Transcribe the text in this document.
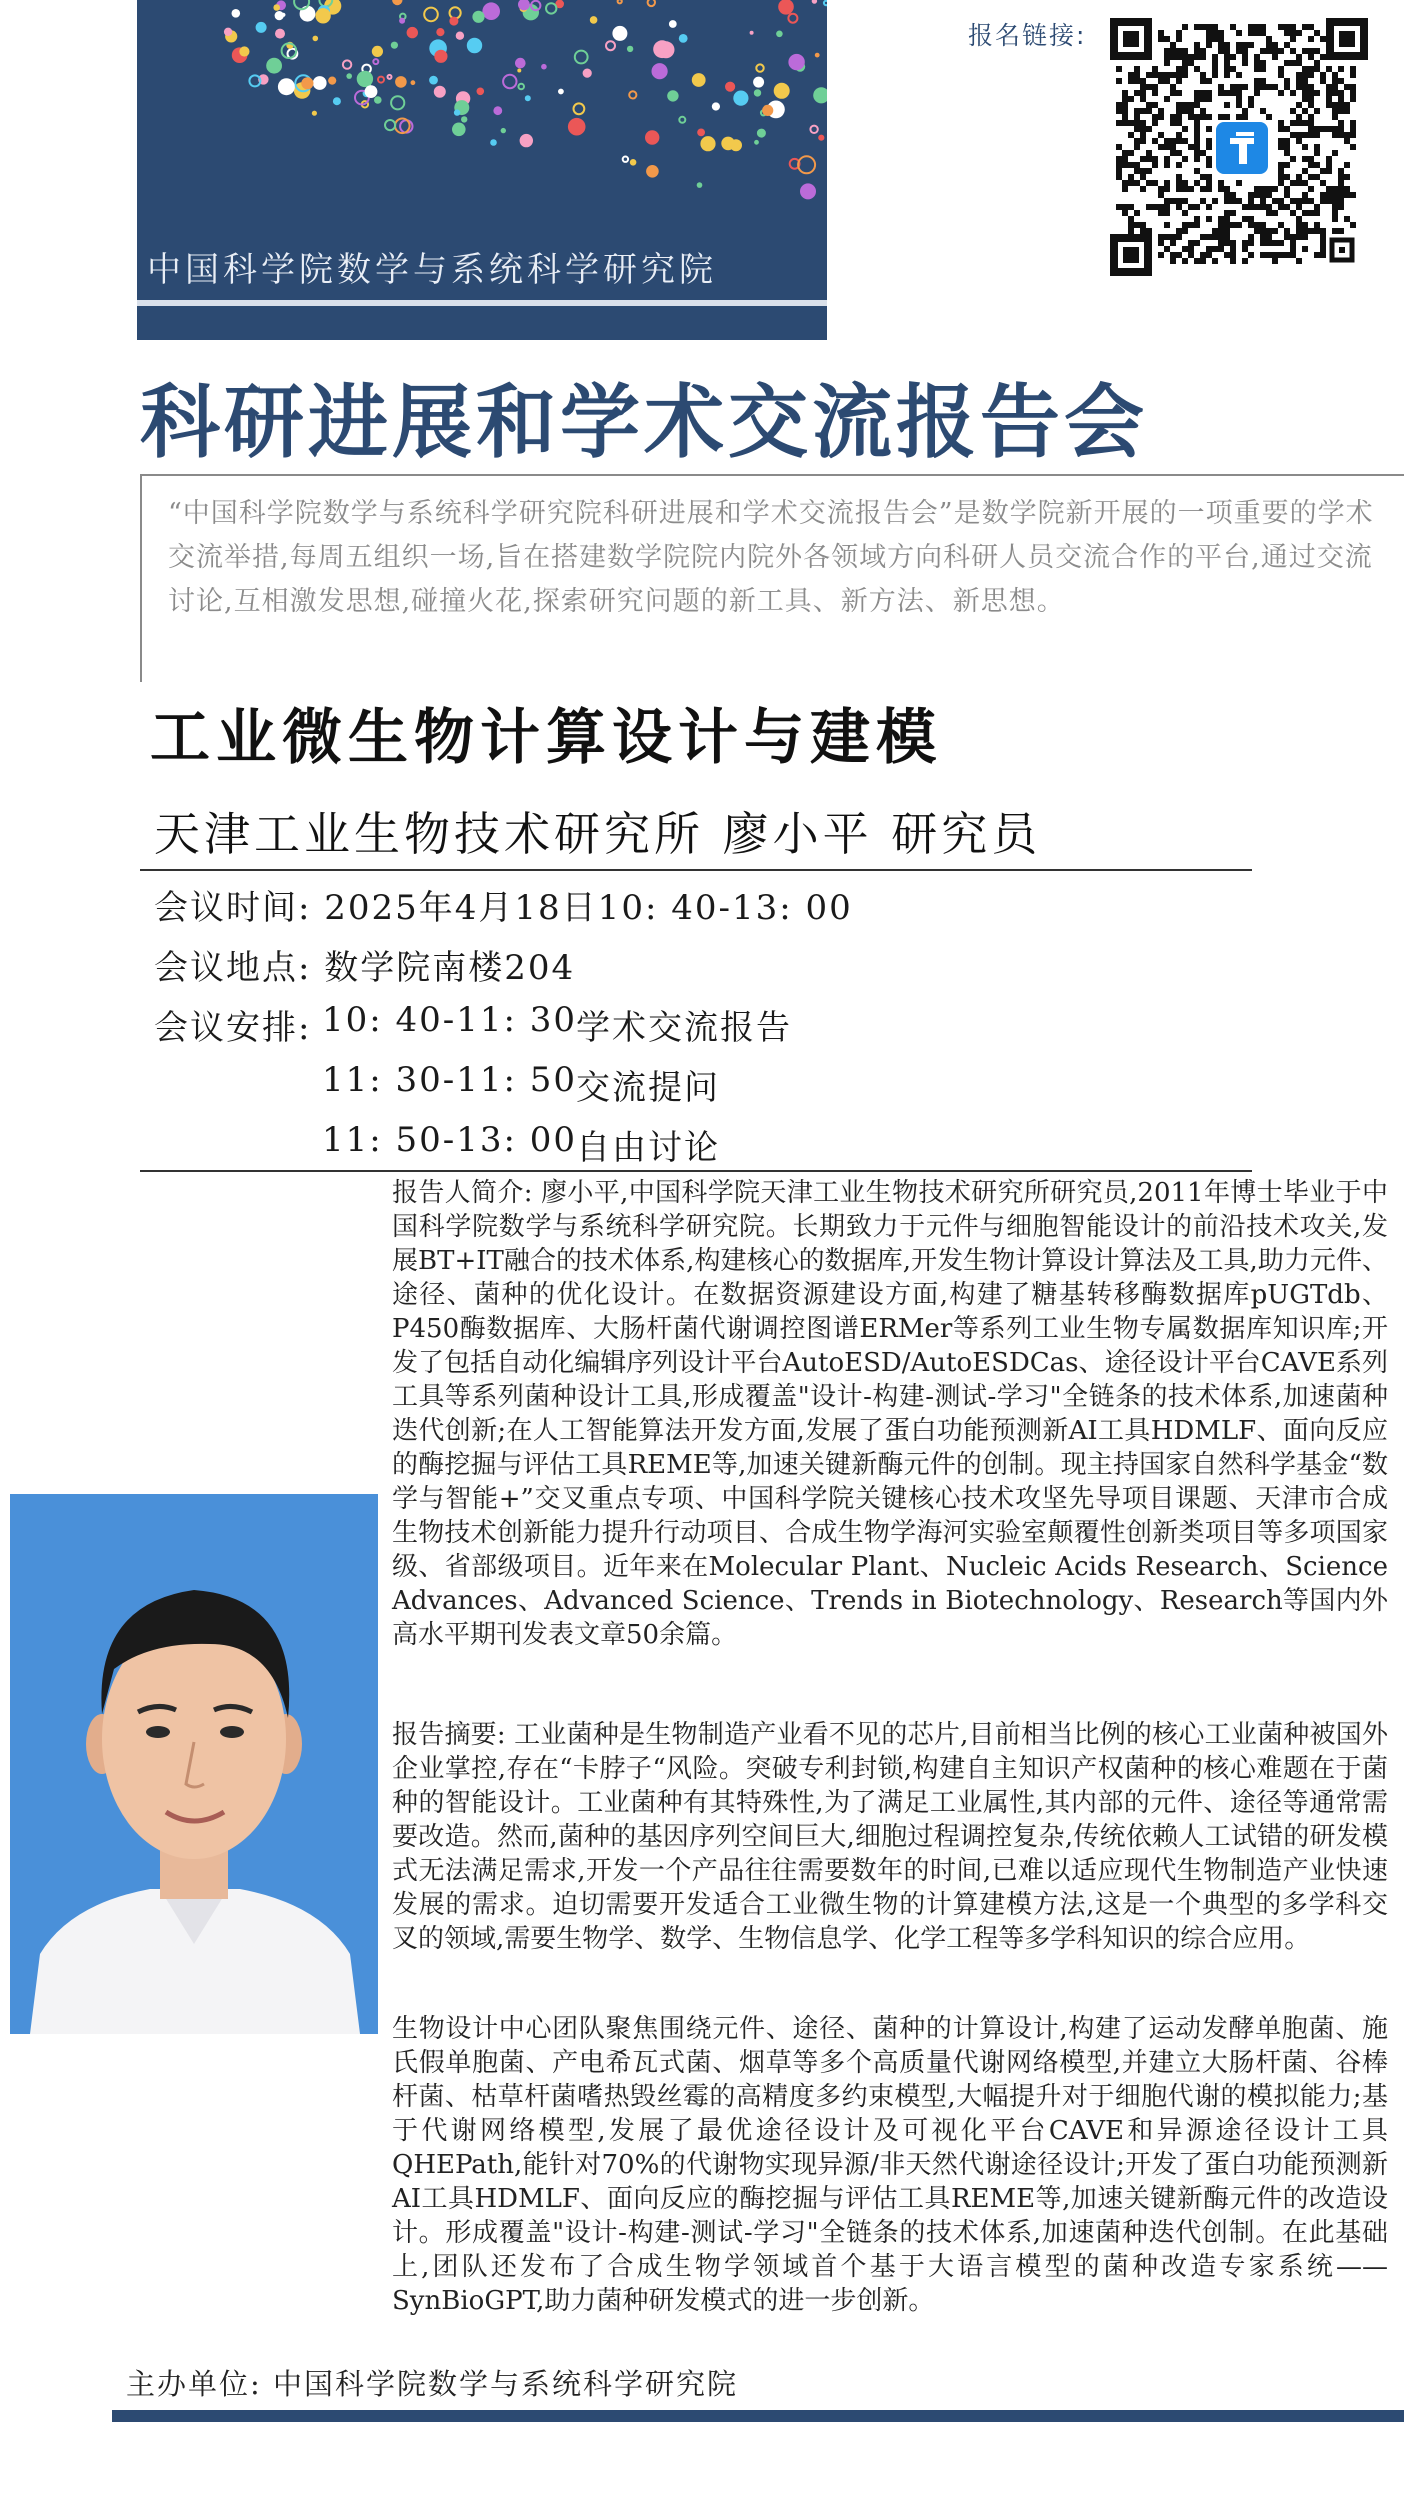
中国科学院数学与系统科学研究院
报名链接:
科研进展和学术交流报告会
“中国科学院数学与系统科学研究院科研进展和学术交流报告会”是数学院新开展的一项重要的学术交流举措,每周五组织一场,旨在搭建数学院院内院外各领域方向科研人员交流合作的平台,通过交流讨论,互相激发思想,碰撞火花,探索研究问题的新工具、新方法、新思想。
工业微生物计算设计与建模
天津工业生物技术研究所 廖小平 研究员
会议时间: 2025年4月18日10: 40-13: 00
会议地点: 数学院南楼204
会议安排: 10: 40-11: 30
学术交流报告
11: 30-11: 50
交流提问
11: 50-13: 00
自由讨论
报告人简介: 廖小平,中国科学院天津工业生物技术研究所研究员,2011年博士毕业于中国科学院数学与系统科学研究院。长期致力于元件与细胞智能设计的前沿技术攻关,发展BT+IT融合的技术体系,构建核心的数据库,开发生物计算设计算法及工具,助力元件、途径、菌种的优化设计。在数据资源建设方面,构建了糖基转移酶数据库pUGTdb、P450酶数据库、大肠杆菌代谢调控图谱ERMer等系列工业生物专属数据库知识库;开发了包括自动化编辑序列设计平台AutoESD/AutoESDCas、途径设计平台CAVE系列工具等系列菌种设计工具,形成覆盖"设计-构建-测试-学习"全链条的技术体系,加速菌种迭代创新;在人工智能算法开发方面,发展了蛋白功能预测新AI工具HDMLF、面向反应的酶挖掘与评估工具REME等,加速关键新酶元件的创制。现主持国家自然科学基金“数学与智能+”交叉重点专项、中国科学院关键核心技术攻坚先导项目课题、天津市合成生物技术创新能力提升行动项目、合成生物学海河实验室颠覆性创新类项目等多项国家级、省部级项目。近年来在Molecular Plant、Nucleic Acids Research、Science Advances、Advanced Science、Trends in Biotechnology、Research等国内外高水平期刊发表文章50余篇。
报告摘要: 工业菌种是生物制造产业看不见的芯片,目前相当比例的核心工业菌种被国外企业掌控,存在“卡脖子“风险。突破专利封锁,构建自主知识产权菌种的核心难题在于菌种的智能设计。工业菌种有其特殊性,为了满足工业属性,其内部的元件、途径等通常需要改造。然而,菌种的基因序列空间巨大,细胞过程调控复杂,传统依赖人工试错的研发模式无法满足需求,开发一个产品往往需要数年的时间,已难以适应现代生物制造产业快速发展的需求。迫切需要开发适合工业微生物的计算建模方法,这是一个典型的多学科交叉的领域,需要生物学、数学、生物信息学、化学工程等多学科知识的综合应用。
生物设计中心团队聚焦围绕元件、途径、菌种的计算设计,构建了运动发酵单胞菌、施氏假单胞菌、产电希瓦式菌、烟草等多个高质量代谢网络模型,并建立大肠杆菌、谷棒杆菌、枯草杆菌嗜热毁丝霉的高精度多约束模型,大幅提升对于细胞代谢的模拟能力;基于代谢网络模型,发展了最优途径设计及可视化平台CAVE和异源途径设计工具QHEPath,能针对70%的代谢物实现异源/非天然代谢途径设计;开发了蛋白功能预测新AI工具HDMLF、面向反应的酶挖掘与评估工具REME等,加速关键新酶元件的改造设计。形成覆盖"设计-构建-测试-学习"全链条的技术体系,加速菌种迭代创制。在此基础上,团队还发布了合成生物学领域首个基于大语言模型的菌种改造专家系统——SynBioGPT,助力菌种研发模式的进一步创新。
主办单位: 中国科学院数学与系统科学研究院
